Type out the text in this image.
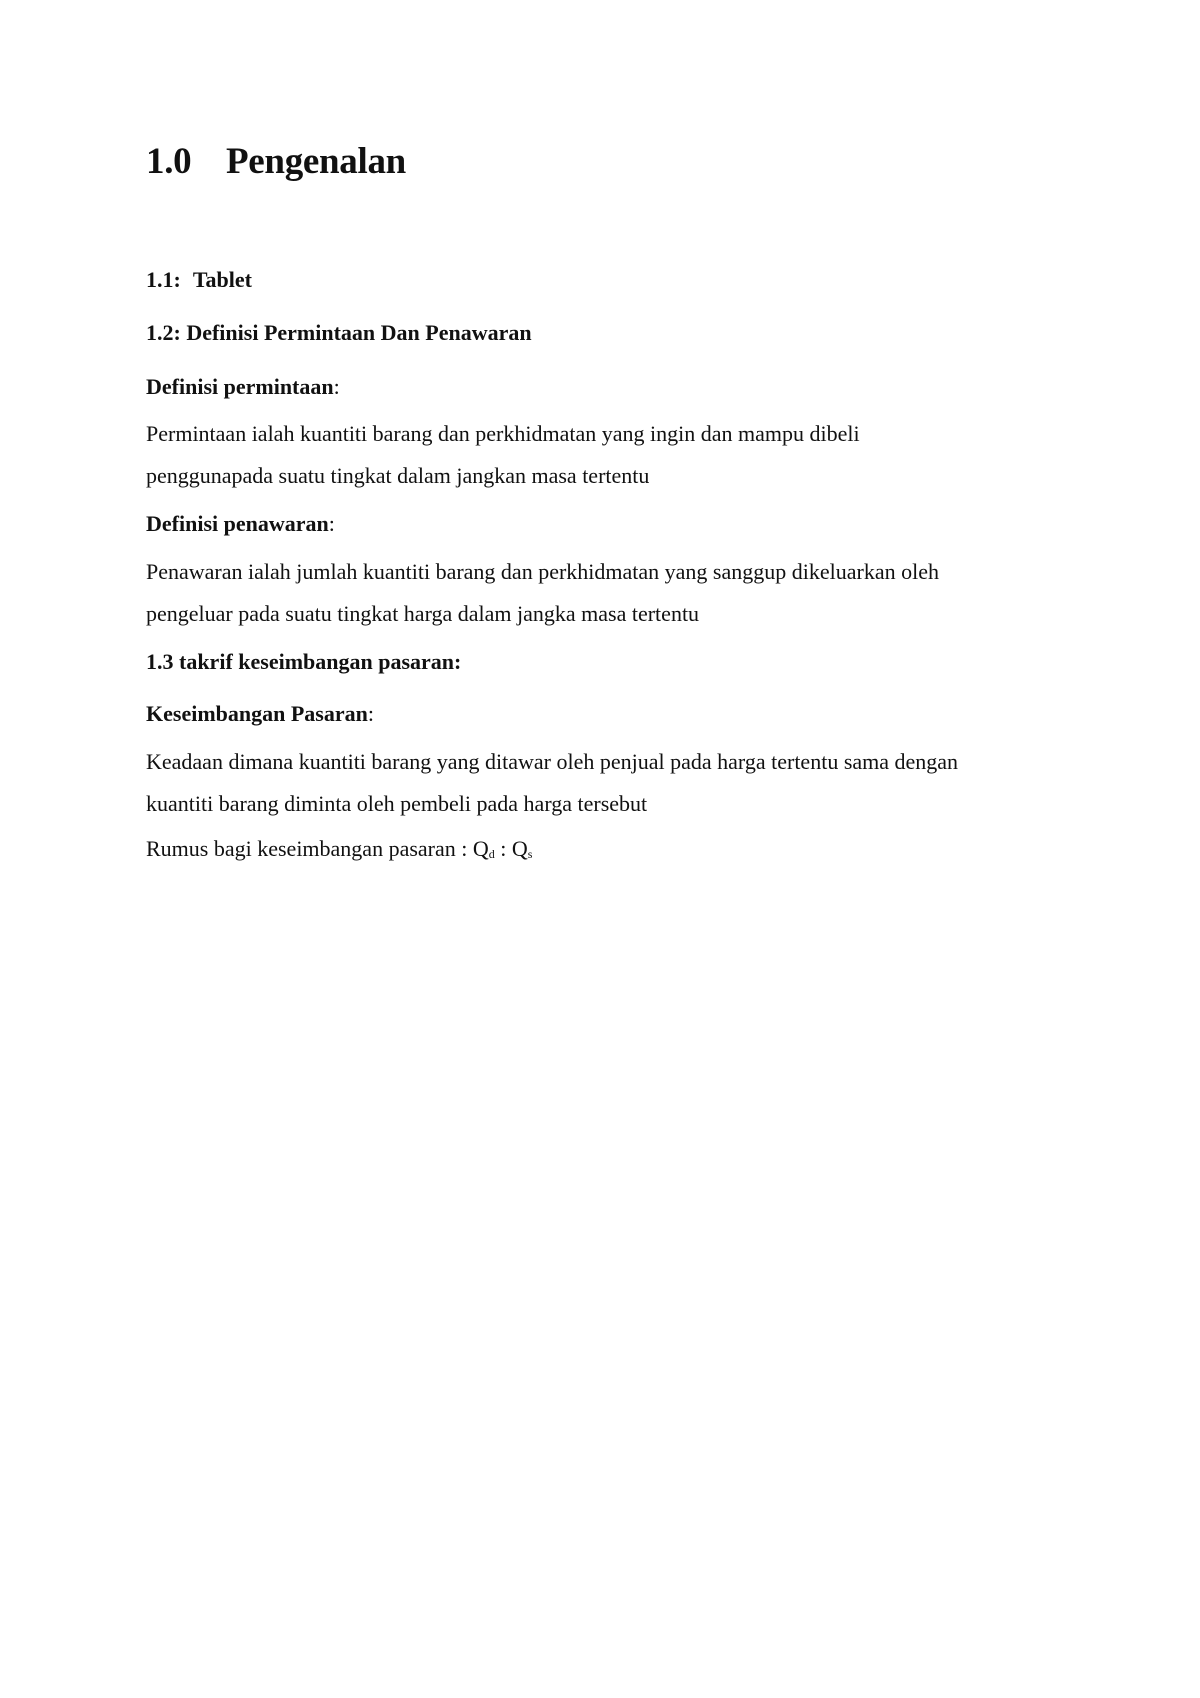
1.0 Pengenalan
1.1: Tablet
1.2: Definisi Permintaan Dan Penawaran
Definisi permintaan:
Permintaan ialah kuantiti barang dan perkhidmatan yang ingin dan mampu dibeli
penggunapada suatu tingkat dalam jangkan masa tertentu
Definisi penawaran:
Penawaran ialah jumlah kuantiti barang dan perkhidmatan yang sanggup dikeluarkan oleh
pengeluar pada suatu tingkat harga dalam jangka masa tertentu
1.3 takrif keseimbangan pasaran:
Keseimbangan Pasaran:
Keadaan dimana kuantiti barang yang ditawar oleh penjual pada harga tertentu sama dengan
kuantiti barang diminta oleh pembeli pada harga tersebut
Rumus bagi keseimbangan pasaran : $Q_d$ : $Q_s$
